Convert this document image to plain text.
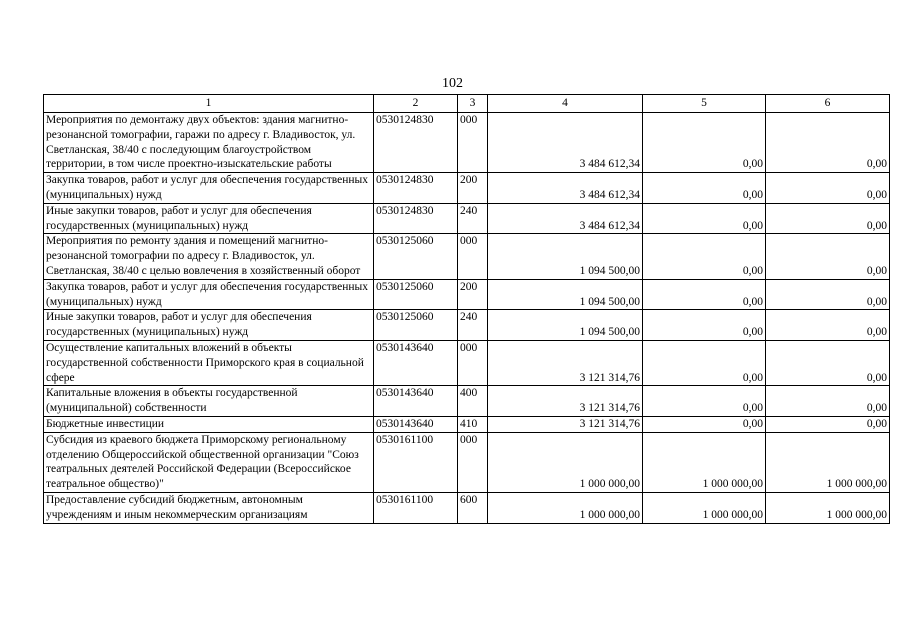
102
1	2	3	4	5	6
Мероприятия по демонтажу двух объектов: здания магнитно-резонансной томографии, гаражи по адресу г. Владивосток, ул. Светланская, 38/40 с последующим благоустройством территории, в том числе проектно-изыскательские работы	0530124830	000	3 484 612,34	0,00	0,00
Закупка товаров, работ и услуг для обеспечения государственных (муниципальных) нужд	0530124830	200	3 484 612,34	0,00	0,00
Иные закупки товаров, работ и услуг для обеспечения государственных (муниципальных) нужд	0530124830	240	3 484 612,34	0,00	0,00
Мероприятия по ремонту здания и помещений магнитно-резонансной томографии по адресу г. Владивосток, ул. Светланская, 38/40 с целью вовлечения в хозяйственный оборот	0530125060	000	1 094 500,00	0,00	0,00
Закупка товаров, работ и услуг для обеспечения государственных (муниципальных) нужд	0530125060	200	1 094 500,00	0,00	0,00
Иные закупки товаров, работ и услуг для обеспечения государственных (муниципальных) нужд	0530125060	240	1 094 500,00	0,00	0,00
Осуществление капитальных вложений в объекты государственной собственности Приморского края в социальной сфере	0530143640	000	3 121 314,76	0,00	0,00
Капитальные вложения в объекты государственной (муниципальной) собственности	0530143640	400	3 121 314,76	0,00	0,00
Бюджетные инвестиции	0530143640	410	3 121 314,76	0,00	0,00
Субсидия из краевого бюджета Приморскому региональному отделению Общероссийской общественной организации "Союз театральных деятелей Российской Федерации (Всероссийское театральное общество)"	0530161100	000	1 000 000,00	1 000 000,00	1 000 000,00
Предоставление субсидий бюджетным, автономным учреждениям и иным некоммерческим организациям	0530161100	600	1 000 000,00	1 000 000,00	1 000 000,00
